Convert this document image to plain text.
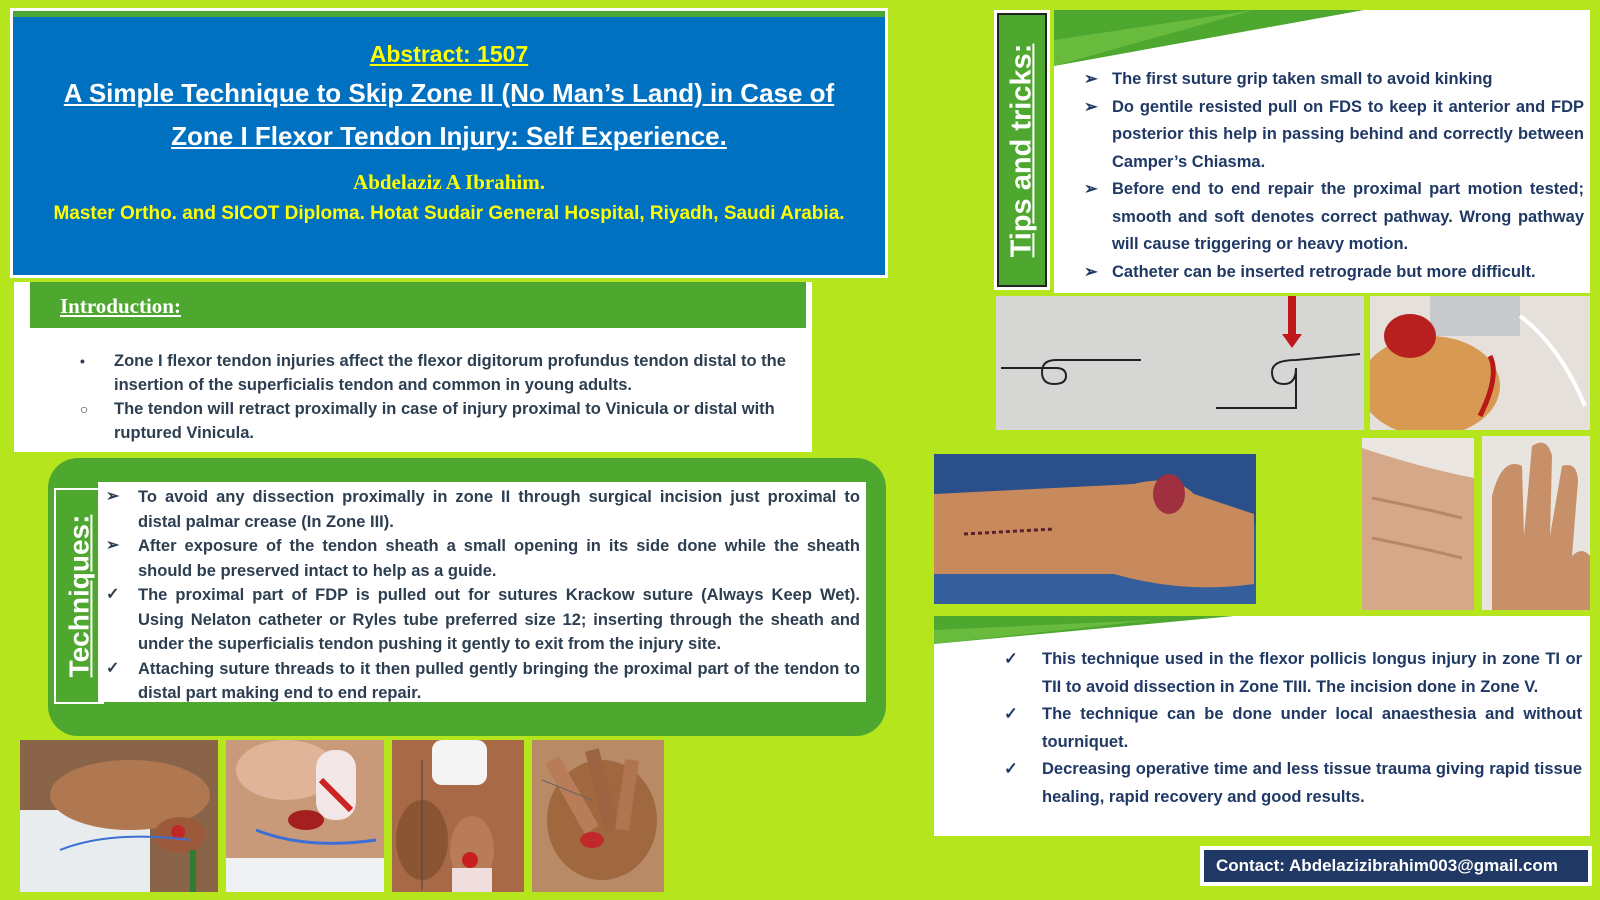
Abstract: 1507
A Simple Technique to Skip Zone II (No Man’s Land) in Case of
Zone I Flexor Tendon Injury: Self Experience.
Abdelaziz A Ibrahim.
Master Ortho. and SICOT Diploma. Hotat Sudair General Hospital, Riyadh, Saudi Arabia.
Introduction:
• Zone I flexor tendon injuries affect the flexor digitorum profundus tendon distal to the insertion of the superficialis tendon and common in young adults.
○ The tendon will retract proximally in case of injury proximal to Vinicula or distal with ruptured Vinicula.
Techniques:
➢ To avoid any dissection proximally in zone II through surgical incision just proximal to distal palmar crease (In Zone III).
➢ After exposure of the tendon sheath a small opening in its side done while the sheath should be preserved intact to help as a guide.
✓ The proximal part of FDP is pulled out for sutures Krackow suture (Always Keep Wet). Using Nelaton catheter or Ryles tube preferred size 12; inserting through the sheath and under the superficialis tendon pushing it gently to exit from the injury site.
✓ Attaching suture threads to it then pulled gently bringing the proximal part of the tendon to distal part making end to end repair.
Tips and tricks:	➢ The first suture grip taken small to avoid kinking
➢ Do gentile resisted pull on FDS to keep it anterior and FDP posterior this help in passing behind and correctly between Camper’s Chiasma.
➢ Before end to end repair the proximal part motion tested; smooth and soft denotes correct pathway. Wrong pathway will cause triggering or heavy motion.
➢ Catheter can be inserted retrograde but more difficult.
✓ This technique used in the flexor pollicis longus injury in zone TI or TII to avoid dissection in Zone TIII. The incision done in Zone V.
✓ The technique can be done under local anaesthesia and without tourniquet.
✓ Decreasing operative time and less tissue trauma giving rapid tissue healing, rapid recovery and good results.
Contact: Abdelazizibrahim003@gmail.com
